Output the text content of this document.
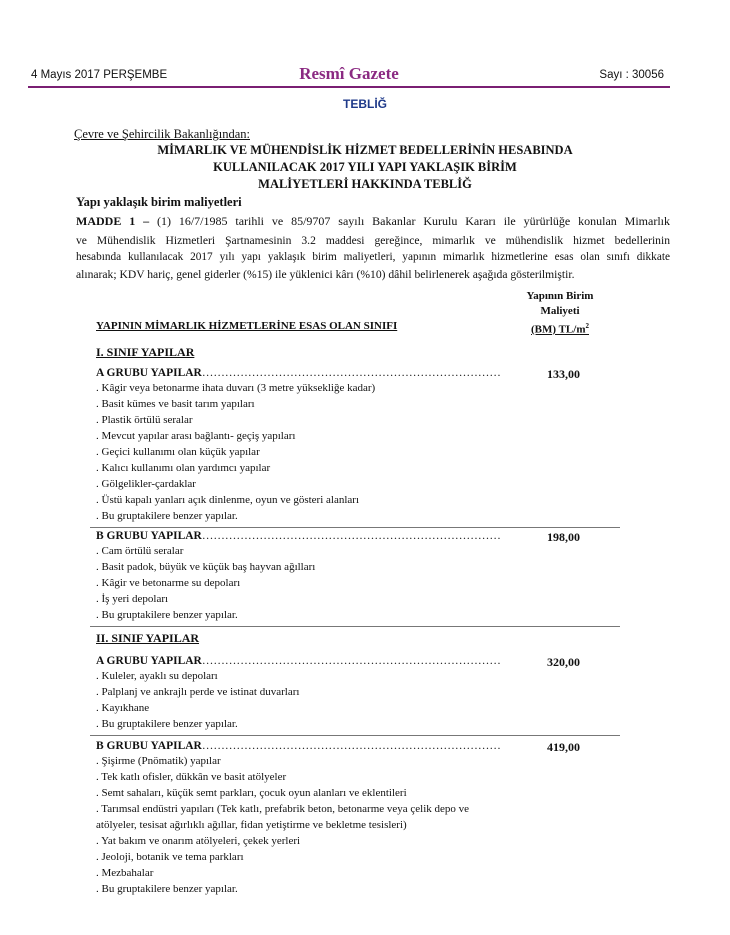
4 Mayıs 2017 PERŞEMBE	Resmî Gazete	Sayı : 30056
TEBLİĞ
Çevre ve Şehircilik Bakanlığından:
MİMARLIK VE MÜHENDİSLİK HİZMET BEDELLERİNİN HESABINDA
KULLANILACAK 2017 YILI YAPI YAKLAŞIK BİRİM
MALİYETLERİ HAKKINDA TEBLİĞ
Yapı yaklaşık birim maliyetleri
MADDE 1 – (1) 16/7/1985 tarihli ve 85/9707 sayılı Bakanlar Kurulu Kararı ile yürürlüğe konulan Mimarlık
ve Mühendislik Hizmetleri Şartnamesinin 3.2 maddesi gereğince, mimarlık ve mühendislik hizmet bedellerinin
hesabında kullanılacak 2017 yılı yapı yaklaşık birim maliyetleri, yapının mimarlık hizmetlerine esas olan sınıfı dikkate
alınarak; KDV hariç, genel giderler (%15) ile yüklenici kârı (%10) dâhil belirlenerek aşağıda gösterilmiştir.
Yapının Birim
Maliyeti
(BM) $TL/m^2$
YAPININ MİMARLIK HİZMETLERİNE ESAS OLAN SINIFI
I. SINIF YAPILAR
A GRUBU YAPILAR……………………………………………………………………	133,00
. Kâgir veya betonarme ihata duvarı (3 metre yüksekliğe kadar)
. Basit kümes ve basit tarım yapıları
. Plastik örtülü seralar
. Mevcut yapılar arası bağlantı- geçiş yapıları
. Geçici kullanımı olan küçük yapılar
. Kalıcı kullanımı olan yardımcı yapılar
. Gölgelikler-çardaklar
. Üstü kapalı yanları açık dinlenme, oyun ve gösteri alanları
. Bu gruptakilere benzer yapılar.
B GRUBU YAPILAR……………………………………………………………………	198,00
. Cam örtülü seralar
. Basit padok, büyük ve küçük baş hayvan ağılları
. Kâgir ve betonarme su depoları
. İş yeri depoları
. Bu gruptakilere benzer yapılar.
II. SINIF YAPILAR
A GRUBU YAPILAR……………………………………………………………………	320,00
. Kuleler, ayaklı su depoları
. Palplanj ve ankrajlı perde ve istinat duvarları
. Kayıkhane
. Bu gruptakilere benzer yapılar.
B GRUBU YAPILAR……………………………………………………………………	419,00
. Şişirme (Pnömatik) yapılar
. Tek katlı ofisler, dükkân ve basit atölyeler
. Semt sahaları, küçük semt parkları, çocuk oyun alanları ve eklentileri
. Tarımsal endüstri yapıları (Tek katlı, prefabrik beton, betonarme veya çelik depo ve
atölyeler, tesisat ağırlıklı ağıllar, fidan yetiştirme ve bekletme tesisleri)
. Yat bakım ve onarım atölyeleri, çekek yerleri
. Jeoloji, botanik ve tema parkları
. Mezbahalar
. Bu gruptakilere benzer yapılar.
